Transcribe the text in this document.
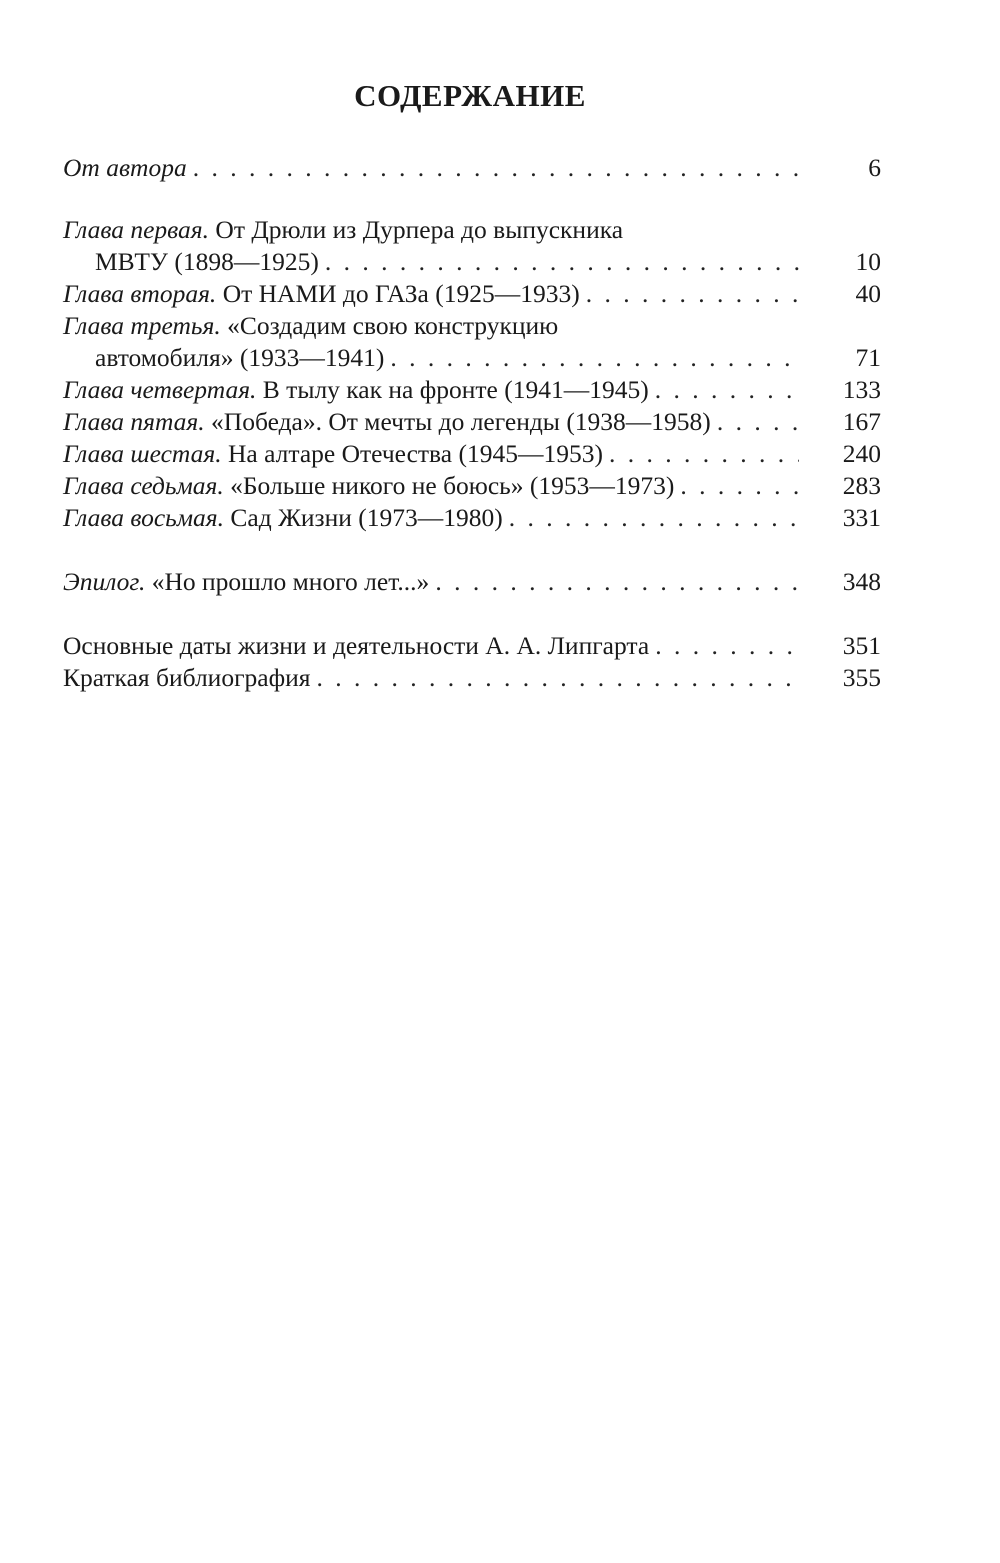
СОДЕРЖАНИЕ
От автора . . .	6
Глава первая. От Дрюли из Дурпера до выпускника
МВТУ (1898—1925) . . .	10
Глава вторая. От НАМИ до ГАЗа (1925—1933) . . .	40
Глава третья. «Создадим свою конструкцию
автомобиля» (1933—1941) . . .	71
Глава четвертая. В тылу как на фронте (1941—1945) . . .	133
Глава пятая. «Победа». От мечты до легенды (1938—1958) . . .	167
Глава шестая. На алтаре Отечества (1945—1953) . . .	240
Глава седьмая. «Больше никого не боюсь» (1953—1973) . . .	283
Глава восьмая. Сад Жизни (1973—1980) . . .	331
Эпилог. «Но прошло много лет...» . . .	348
Основные даты жизни и деятельности А. А. Липгарта . . .	351
Краткая библиография . . .	355
